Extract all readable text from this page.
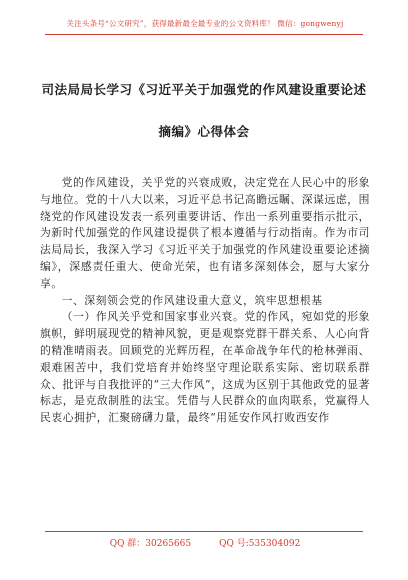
关注头条号“公文研究”，获得最新最全最专业的公文资料库！ 微信：gongwenyj
司法局局长学习《习近平关于加强党的作风建设重要论述
摘编》心得体会

党的作风建设，关乎党的兴衰成败，决定党在人民心中的形象与地位。党的十八大以来，习近平总书记高瞻远瞩、深谋远虑，围绕党的作风建设发表一系列重要讲话、作出一系列重要指示批示，为新时代加强党的作风建设提供了根本遵循与行动指南。作为市司法局局长，我深入学习《习近平关于加强党的作风建设重要论述摘编》，深感责任重大、使命光荣，也有诸多深刻体会，愿与大家分享。

一、深刻领会党的作风建设重大意义，筑牢思想根基

（一）作风关乎党和国家事业兴衰。党的作风，宛如党的形象旗帜，鲜明展现党的精神风貌，更是观察党群干群关系、人心向背的精准晴雨表。回顾党的光辉历程，在革命战争年代的枪林弹雨、艰难困苦中，我们党培育并始终坚守理论联系实际、密切联系群众、批评与自我批评的“三大作风”，这成为区别于其他政党的显著标志，是克敌制胜的法宝。凭借与人民群众的血肉联系，党赢得人民衷心拥护，汇聚磅礴力量，最终“用延安作风打败西安作

QQ 群：30265665	QQ 号:535304092
